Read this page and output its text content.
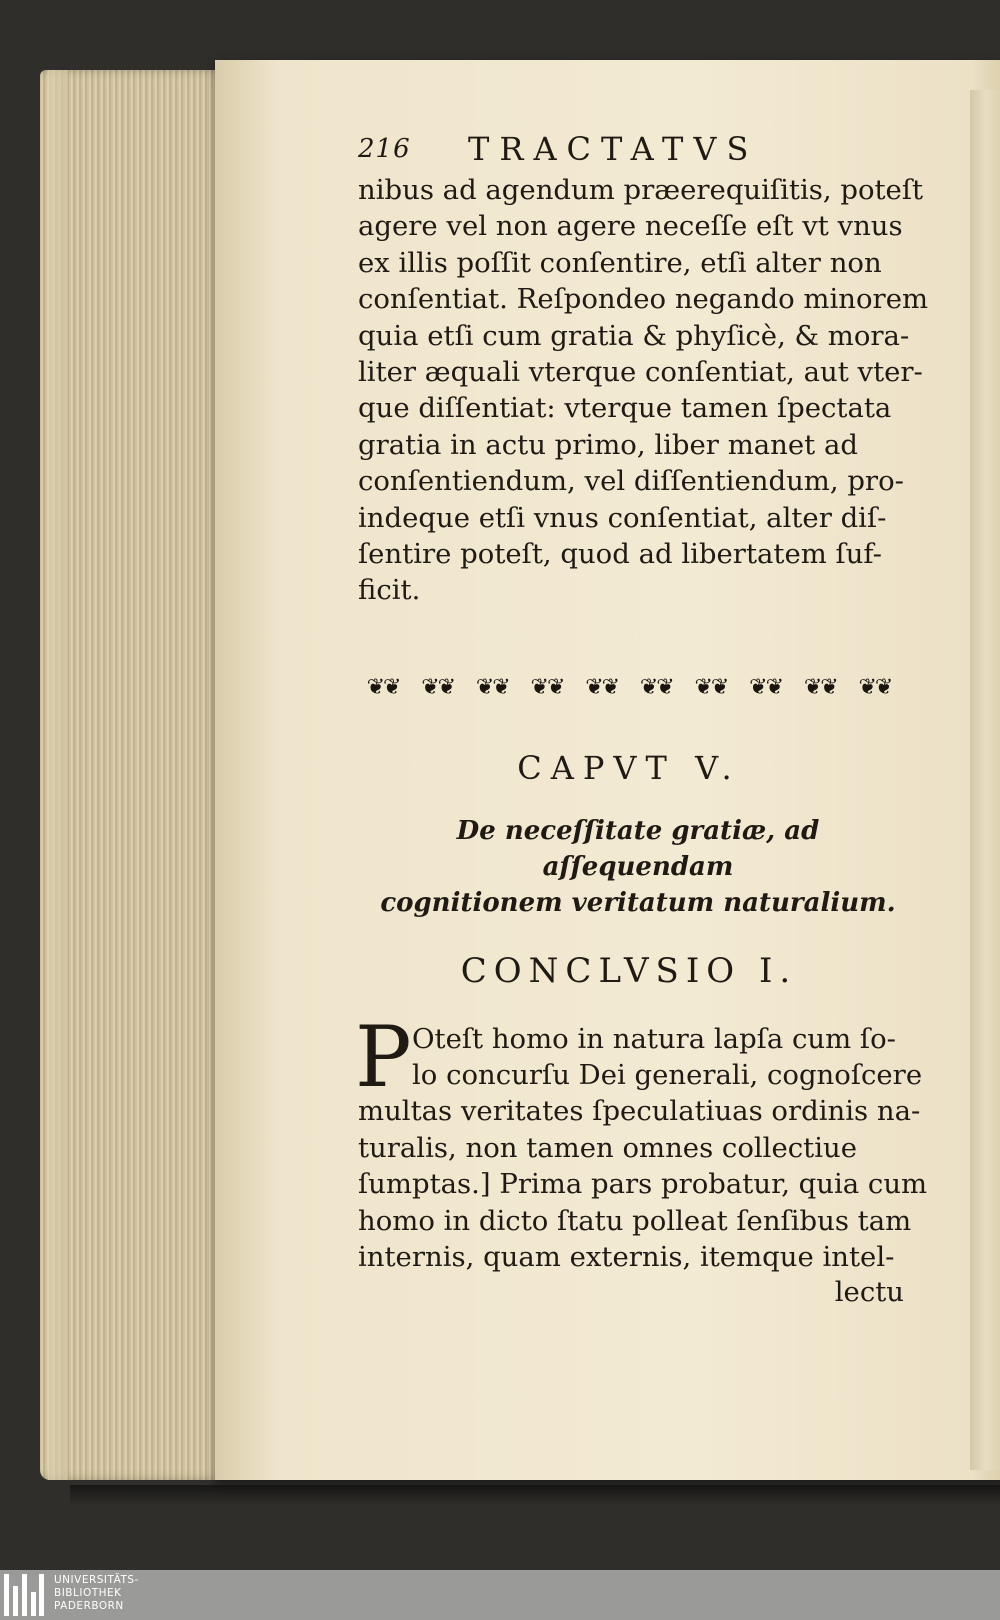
216 TRACTATVS
nibus ad agendum præerequiſitis, poteſt
agere vel non agere neceſſe eſt vt vnus
ex illis poſſit conſentire, etſi alter non
conſentiat. Reſpondeo negando minorem
quia etſi cum gratia & phyſicè, & mora-
liter æquali vterque conſentiat, aut vter-
que diſſentiat: vterque tamen ſpectata
gratia in actu primo, liber manet ad
conſentiendum, vel diſſentiendum, pro-
indeque etſi vnus conſentiat, alter diſ-
ſentire poteſt, quod ad libertatem ſuf-
ficit.
❦❦ ❦❦ ❦❦ ❦❦ ❦❦ ❦❦ ❦❦ ❦❦ ❦❦ ❦❦
CAPVT V.
De neceſſitate gratiæ, ad aſſequendam
cognitionem veritatum naturalium.
CONCLVSIO I.
P Oteſt homo in natura lapſa cum ſo-
lo concurſu Dei generali, cognoſcere
multas veritates ſpeculatiuas ordinis na-
turalis, non tamen omnes collectiue
ſumptas.] Prima pars probatur, quia cum
homo in dicto ſtatu polleat ſenſibus tam
internis, quam externis, itemque intel-
lectu
UNIVERSITÄTS-
BIBLIOTHEK
PADERBORN
